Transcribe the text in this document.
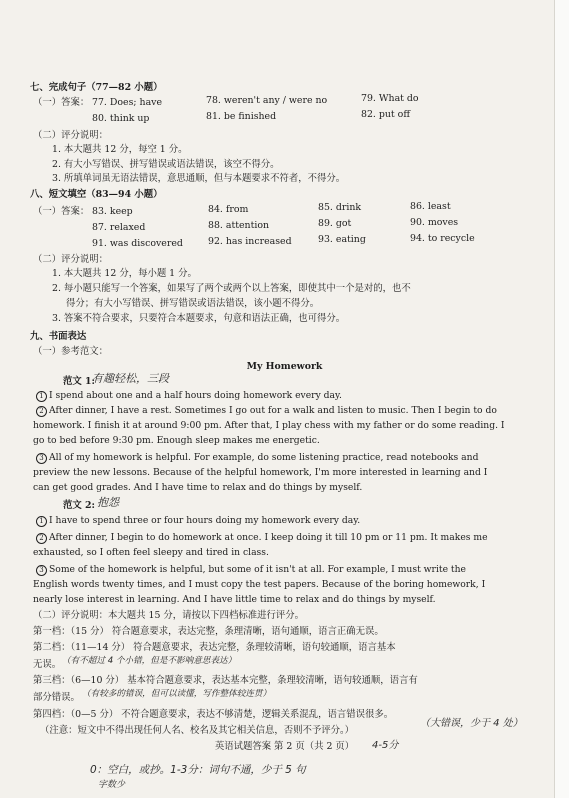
七、完成句子（77—82 小题）
（一）答案： 77. Does; have	78. weren't any / were no	79. What do
80. think up	81. be finished	82. put off
（二）评分说明：
1. 本大题共 12 分，每空 1 分。
2. 有大小写错误、拼写错误或语法错误，该空不得分。
3. 所填单词虽无语法错误，意思通顺，但与本题要求不符者，不得分。
八、短文填空（83—94 小题）
（一）答案： 83. keep	84. from	85. drink	86. least
87. relaxed	88. attention	89. got	90. moves
91. was discovered	92. has increased	93. eating	94. to recycle
（二）评分说明：
1. 本大题共 12 分，每小题 1 分。
2. 每小题只能写一个答案，如果写了两个或两个以上答案，即使其中一个是对的，也不
得分；有大小写错误、拼写错误或语法错误，该小题不得分。
3. 答案不符合要求，只要符合本题要求，句意和语法正确，也可得分。
九、书面表达
（一）参考范文：
My Homework
范文 1:
有趣轻松，三段
1 I spend about one and a half hours doing homework every day.
2 After dinner, I have a rest. Sometimes I go out for a walk and listen to music. Then I begin to do
homework. I finish it at around 9:00 pm. After that, I play chess with my father or do some reading. I
go to bed before 9:30 pm. Enough sleep makes me energetic.
3 All of my homework is helpful. For example, do some listening practice, read notebooks and
preview the new lessons. Because of the helpful homework, I'm more interested in learning and I
can get good grades. And I have time to relax and do things by myself.
范文 2: 抱怨
1 I have to spend three or four hours doing my homework every day.
2 After dinner, I begin to do homework at once. I keep doing it till 10 pm or 11 pm. It makes me
exhausted, so I often feel sleepy and tired in class.
3 Some of the homework is helpful, but some of it isn't at all. For example, I must write the
English words twenty times, and I must copy the test papers. Because of the boring homework, I
nearly lose interest in learning. And I have little time to relax and do things by myself.
（二）评分说明：本大题共 15 分，请按以下四档标准进行评分。
第一档：（15 分） 符合题意要求，表达完整，条理清晰，语句通顺，语言正确无误。
第二档：（11—14 分） 符合题意要求，表达完整，条理较清晰，语句较通顺，语言基本
无误。 （有不超过 4 个小错，但是不影响意思表达）
第三档：（6—10 分） 基本符合题意要求，表达基本完整，条理较清晰，语句较通顺，语言有
部分错误。 （有较多的错误，但可以读懂，写作整体较连贯）
第四档：（0—5 分） 不符合题意要求，表达不够清楚，逻辑关系混乱，语言错误很多。
（注意：短文中不得出现任何人名、校名及其它相关信息，否则不予评分。）
（大错误，少于 4 处）
4-5分
英语试题答案 第 2 页（共 2 页）
0：空白，或抄。1-3分：词句不通，少于 5 句
字数少
